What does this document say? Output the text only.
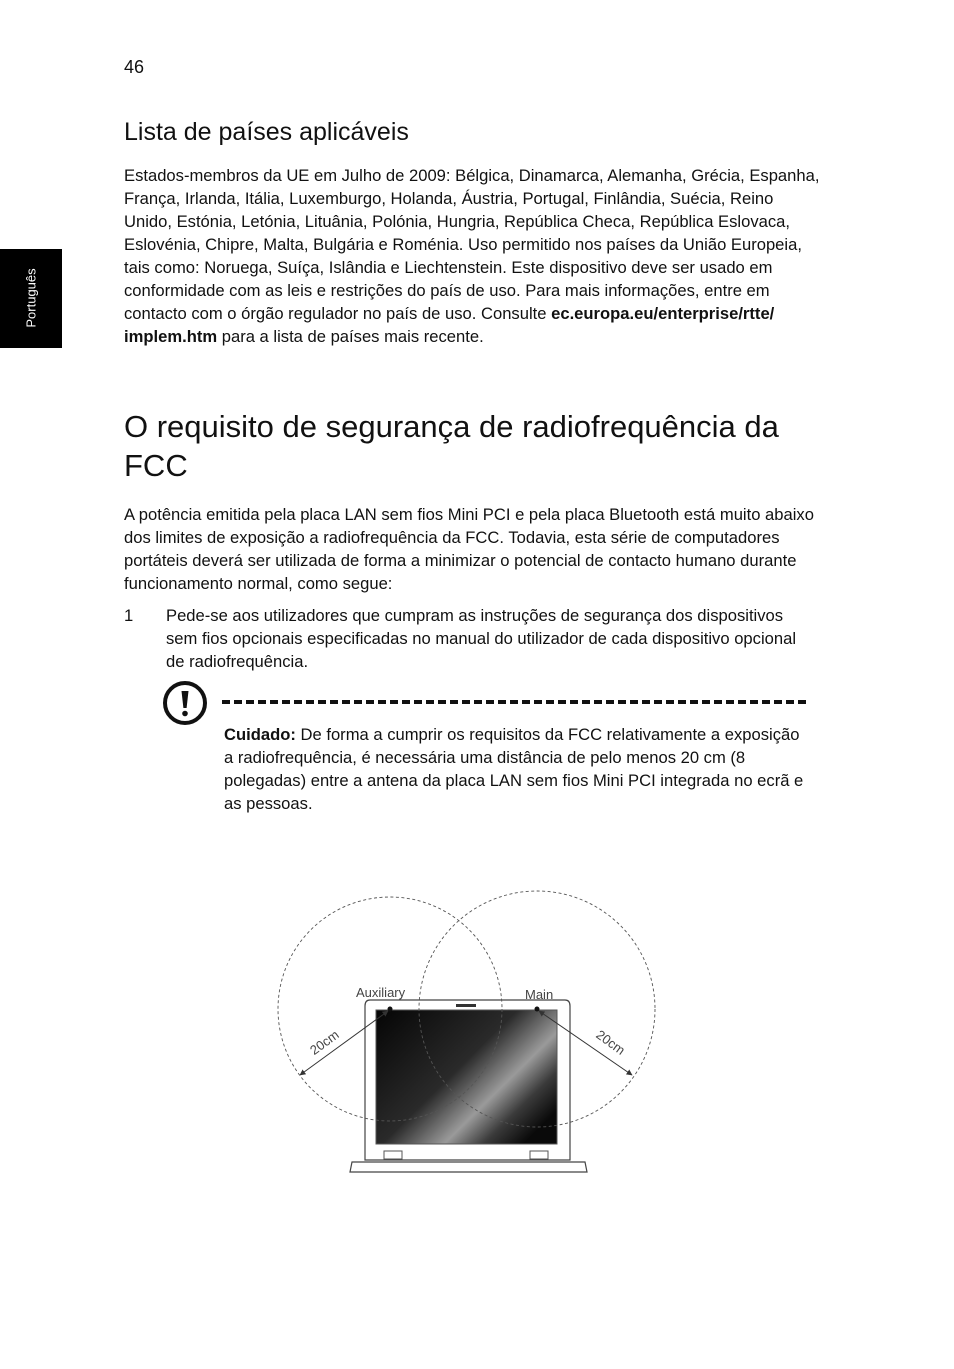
46
Português
Lista de países aplicáveis

Estados-membros da UE em Julho de 2009: Bélgica, Dinamarca, Alemanha, Grécia, Espanha, França, Irlanda, Itália, Luxemburgo, Holanda, Áustria, Portugal, Finlândia, Suécia, Reino Unido, Estónia, Letónia, Lituânia, Polónia, Hungria, República Checa, República Eslovaca, Eslovénia, Chipre, Malta, Bulgária e Roménia. Uso permitido nos países da União Europeia, tais como: Noruega, Suíça, Islândia e Liechtenstein. Este dispositivo deve ser usado em conformidade com as leis e restrições do país de uso. Para mais informações, entre em contacto com o órgão regulador no país de uso. Consulte ec.europa.eu/enterprise/rtte/ implem.htm para a lista de países mais recente.

O requisito de segurança de radiofrequência da FCC

A potência emitida pela placa LAN sem fios Mini PCI e pela placa Bluetooth está muito abaixo dos limites de exposição a radiofrequência da FCC. Todavia, esta série de computadores portáteis deverá ser utilizada de forma a minimizar o potencial de contacto humano durante funcionamento normal, como segue:

1 Pede-se aos utilizadores que cumpram as instruções de segurança dos dispositivos sem fios opcionais especificadas no manual do utilizador de cada dispositivo opcional de radiofrequência.
Cuidado: De forma a cumprir os requisitos da FCC relativamente a exposição a radiofrequência, é necessária uma distância de pelo menos 20 cm (8 polegadas) entre a antena da placa LAN sem fios Mini PCI integrada no ecrã e as pessoas.
Auxiliary	Main
20cm	20cm
